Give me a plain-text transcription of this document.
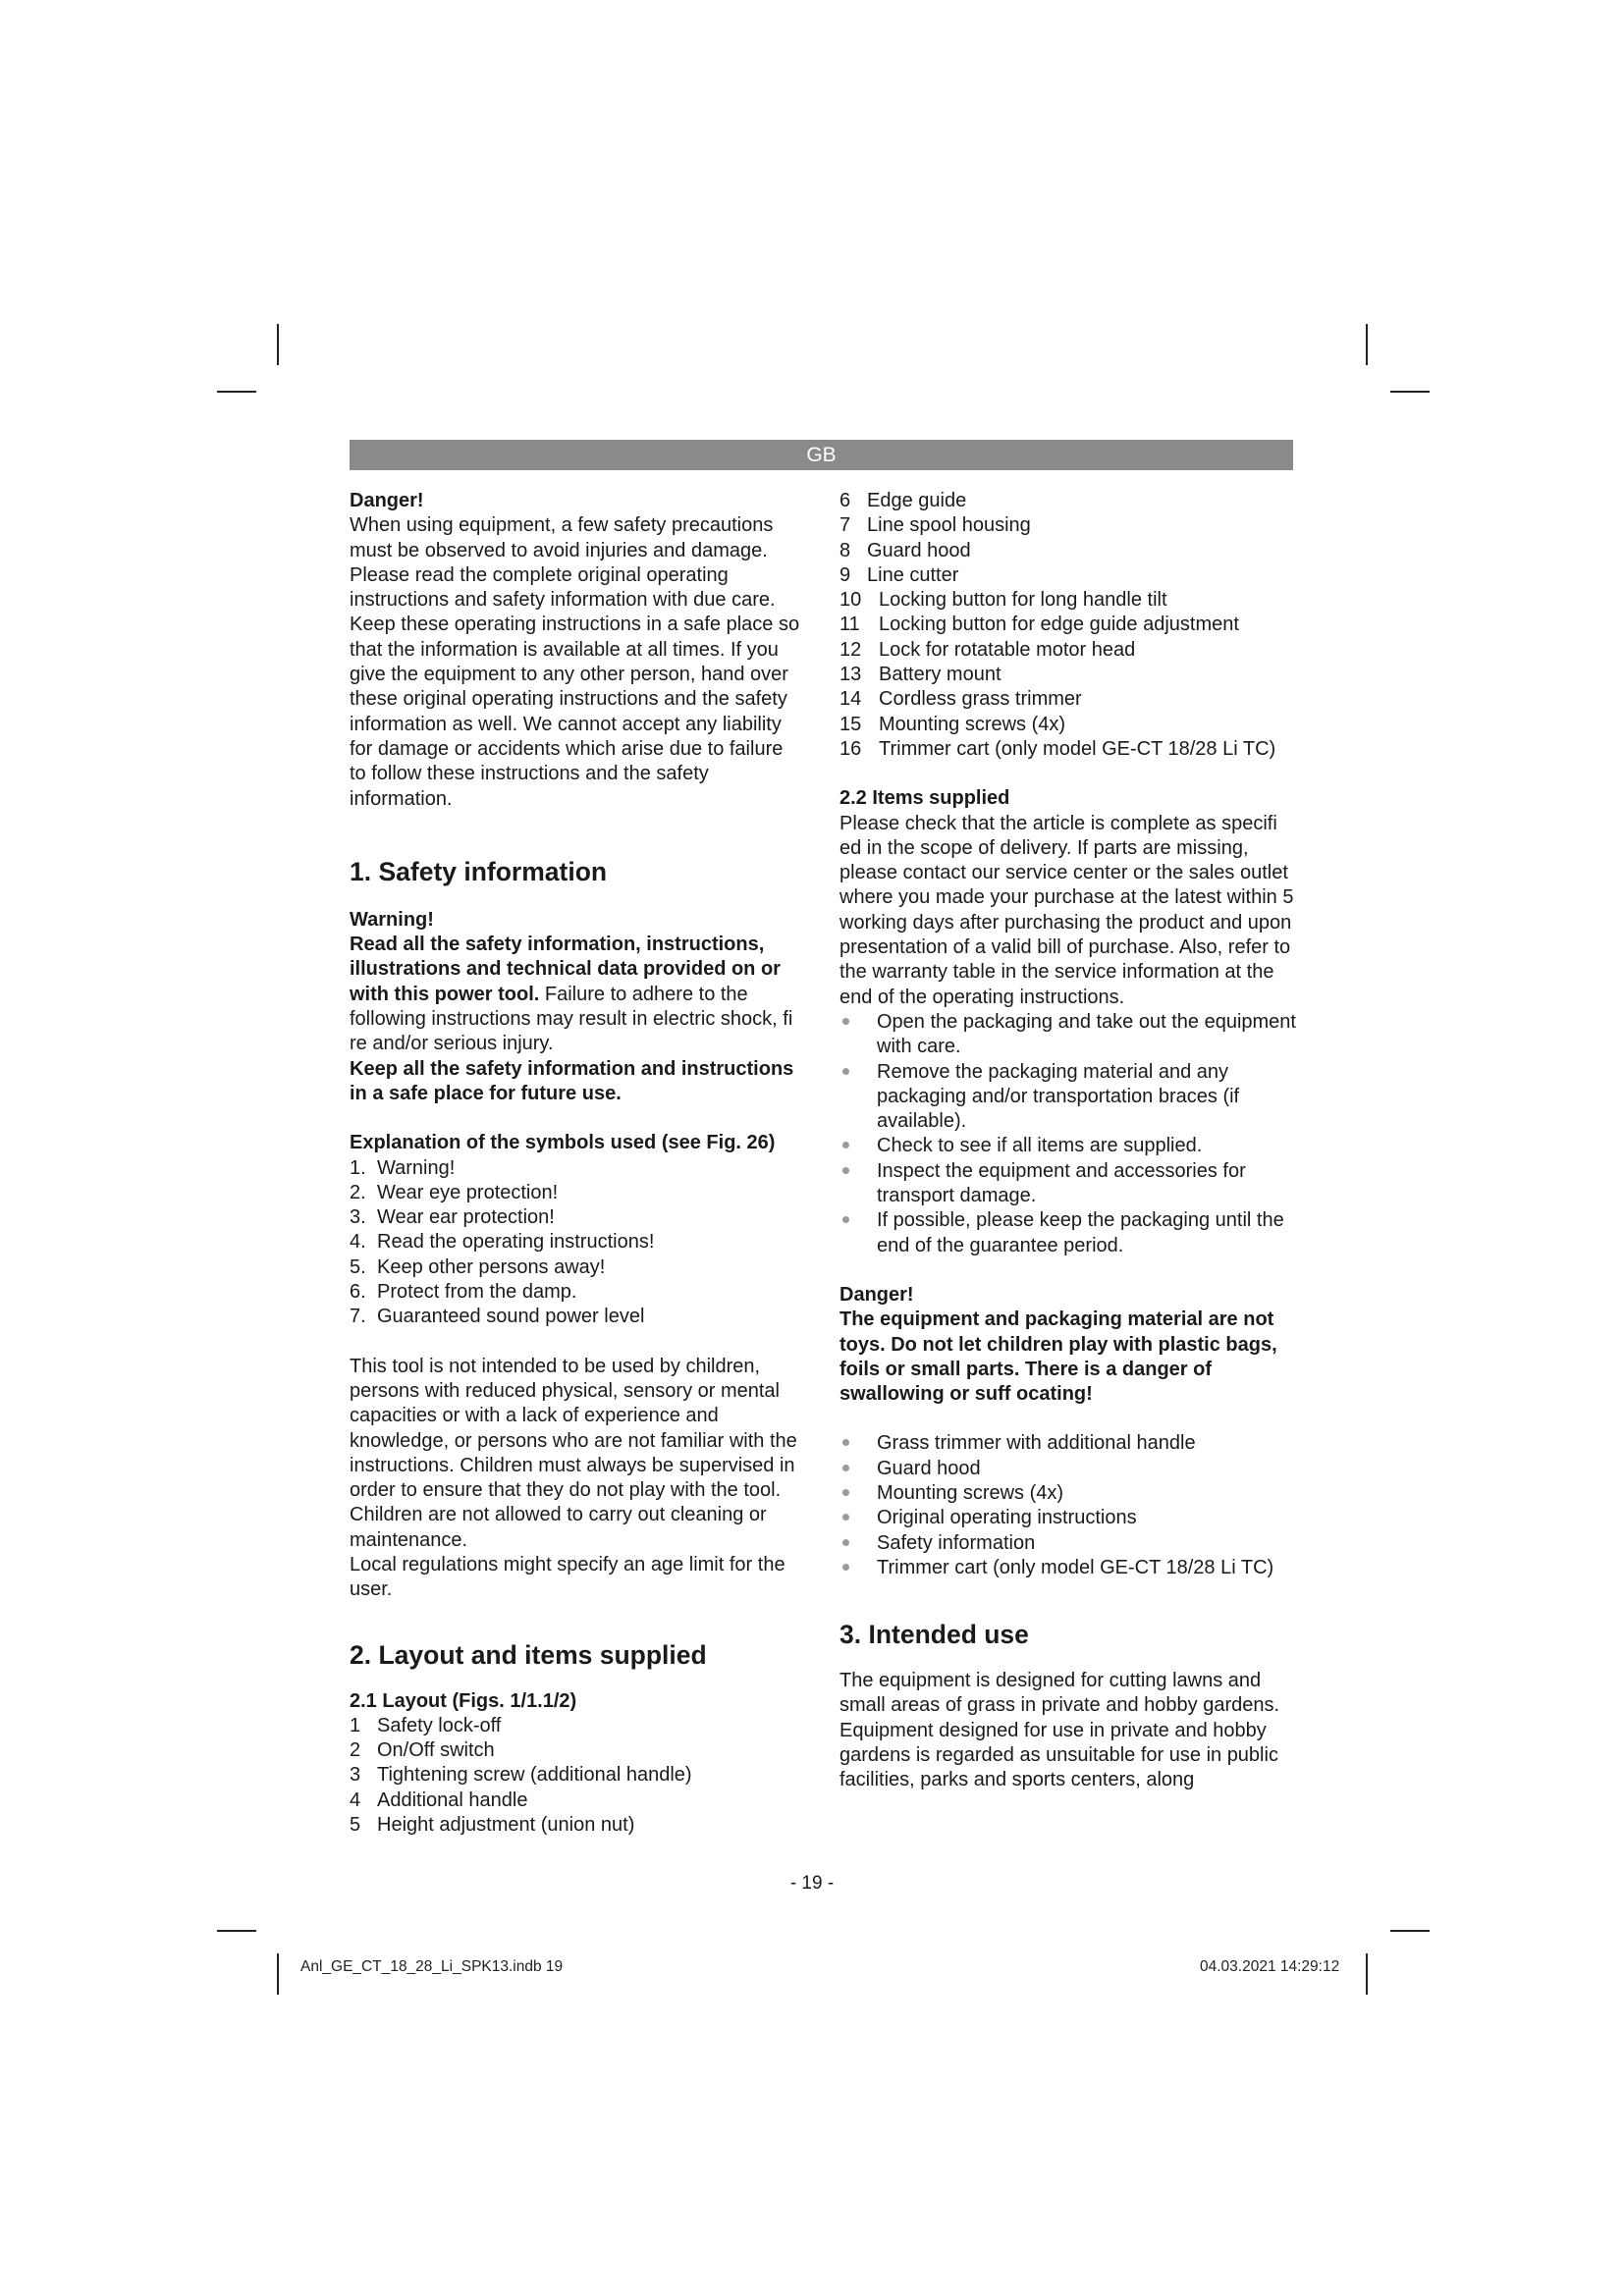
GB

Danger!

When using equipment, a few safety precautions must be observed to avoid injuries and damage. Please read the complete original operating instructions and safety information with due care. Keep these operating instructions in a safe place so that the information is available at all times. If you give the equipment to any other person, hand over these original operating instructions and the safety information as well. We cannot accept any liability for damage or accidents which arise due to failure to follow these instructions and the safety information.

1. Safety information

Warning!

Read all the safety information, instructions, illustrations and technical data provided on or with this power tool. Failure to adhere to the following instructions may result in electric shock, fi re and/or serious injury.

Keep all the safety information and instructions in a safe place for future use.

Explanation of the symbols used (see Fig. 26)

1. Warning!
2. Wear eye protection!
3. Wear ear protection!
4. Read the operating instructions!
5. Keep other persons away!
6. Protect from the damp.
7. Guaranteed sound power level

This tool is not intended to be used by children, persons with reduced physical, sensory or mental capacities or with a lack of experience and knowledge, or persons who are not familiar with the instructions. Children must always be supervised in order to ensure that they do not play with the tool. Children are not allowed to carry out cleaning or maintenance.

Local regulations might specify an age limit for the user.

2. Layout and items supplied

2.1 Layout (Figs. 1/1.1/2)

1 Safety lock-off
2 On/Off switch
3 Tightening screw (additional handle)
4 Additional handle
5 Height adjustment (union nut)
6 Edge guide
7 Line spool housing
8 Guard hood
9 Line cutter
10 Locking button for long handle tilt
11 Locking button for edge guide adjustment
12 Lock for rotatable motor head
13 Battery mount
14 Cordless grass trimmer
15 Mounting screws (4x)
16 Trimmer cart (only model GE-CT 18/28 Li TC)

2.2 Items supplied

Please check that the article is complete as specifi ed in the scope of delivery. If parts are missing, please contact our service center or the sales outlet where you made your purchase at the latest within 5 working days after purchasing the product and upon presentation of a valid bill of purchase. Also, refer to the warranty table in the service information at the end of the operating instructions.

Open the packaging and take out the equipment with care.
Remove the packaging material and any packaging and/or transportation braces (if available).
Check to see if all items are supplied.
Inspect the equipment and accessories for transport damage.
If possible, please keep the packaging until the end of the guarantee period.

Danger!

The equipment and packaging material are not toys. Do not let children play with plastic bags, foils or small parts. There is a danger of swallowing or suff ocating!

Grass trimmer with additional handle
Guard hood
Mounting screws (4x)
Original operating instructions
Safety information
Trimmer cart (only model GE-CT 18/28 Li TC)
3. Intended use

The equipment is designed for cutting lawns and small areas of grass in private and hobby gardens.

Equipment designed for use in private and hobby gardens is regarded as unsuitable for use in public facilities, parks and sports centers, along

- 19 -
Anl_GE_CT_18_28_Li_SPK13.indb 19	04.03.2021 14:29:12
